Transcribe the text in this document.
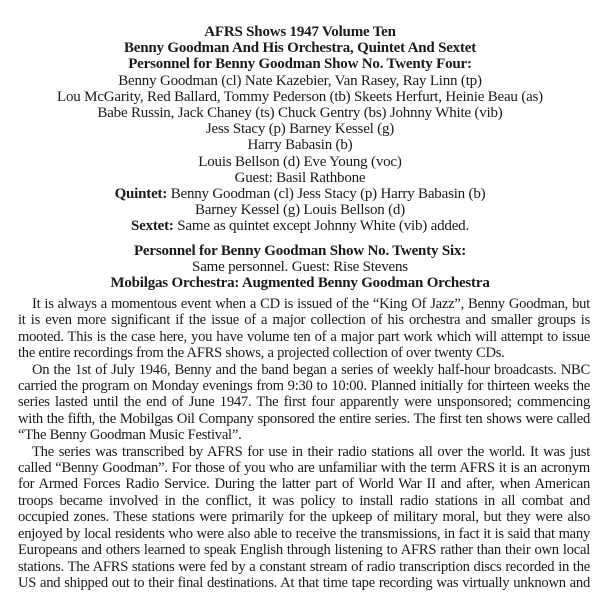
AFRS Shows 1947 Volume Ten
Benny Goodman And His Orchestra, Quintet And Sextet
Personnel for Benny Goodman Show No. Twenty Four:
Benny Goodman (cl) Nate Kazebier, Van Rasey, Ray Linn (tp)
Lou McGarity, Red Ballard, Tommy Pederson (tb) Skeets Herfurt, Heinie Beau (as)
Babe Russin, Jack Chaney (ts) Chuck Gentry (bs) Johnny White (vib)
Jess Stacy (p) Barney Kessel (g)
Harry Babasin (b)
Louis Bellson (d) Eve Young (voc)
Guest: Basil Rathbone
Quintet: Benny Goodman (cl) Jess Stacy (p) Harry Babasin (b)
Barney Kessel (g) Louis Bellson (d)
Sextet: Same as quintet except Johnny White (vib) added.
Personnel for Benny Goodman Show No. Twenty Six:
Same personnel. Guest: Rise Stevens
Mobilgas Orchestra: Augmented Benny Goodman Orchestra
It is always a momentous event when a CD is issued of the “King Of Jazz”, Benny Goodman, but
it is even more significant if the issue of a major collection of his orchestra and smaller groups is
mooted. This is the case here, you have volume ten of a major part work which will attempt to issue
the entire recordings from the AFRS shows, a projected collection of over twenty CDs.
On the 1st of July 1946, Benny and the band began a series of weekly half-hour broadcasts. NBC
carried the program on Monday evenings from 9:30 to 10:00. Planned initially for thirteen weeks the
series lasted until the end of June 1947. The first four apparently were unsponsored; commencing
with the fifth, the Mobilgas Oil Company sponsored the entire series. The first ten shows were called
“The Benny Goodman Music Festival”.
The series was transcribed by AFRS for use in their radio stations all over the world. It was just
called “Benny Goodman”. For those of you who are unfamiliar with the term AFRS it is an acronym
for Armed Forces Radio Service. During the latter part of World War II and after, when American
troops became involved in the conflict, it was policy to install radio stations in all combat and
occupied zones. These stations were primarily for the upkeep of military moral, but they were also
enjoyed by local residents who were also able to receive the transmissions, in fact it is said that many
Europeans and others learned to speak English through listening to AFRS rather than their own local
stations. The AFRS stations were fed by a constant stream of radio transcription discs recorded in the
US and shipped out to their final destinations. At that time tape recording was virtually unknown and
